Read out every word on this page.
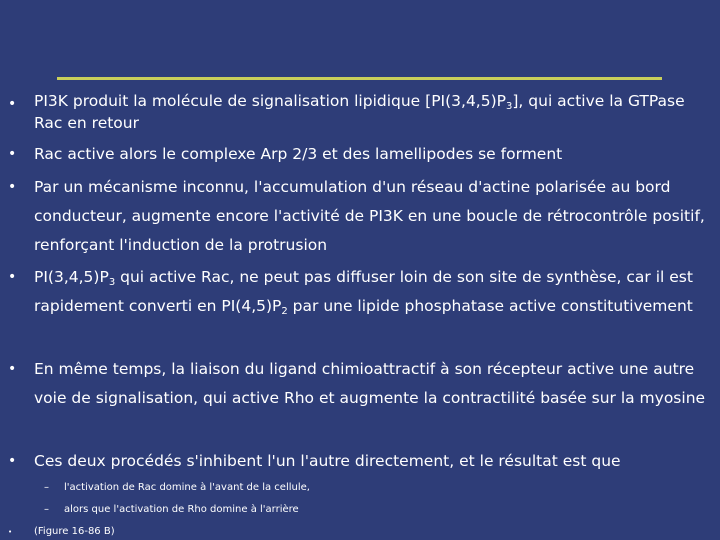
•	PI3K produit la molécule de signalisation lipidique $[PI(3,4,5)P_3]$, qui active la GTPase Rac en retour
•	Rac active alors le complexe Arp 2/3 et des lamellipodes se forment
•	Par un mécanisme inconnu, l'accumulation d'un réseau d'actine polarisée au bord conducteur, augmente encore l'activité de PI3K en une boucle de rétrocontrôle positif, renforçant l'induction de la protrusion
•	$PI(3,4,5)P_3$ qui active Rac, ne peut pas diffuser loin de son site de synthèse, car il est rapidement converti en $PI(4,5)P_2$ par une lipide phosphatase active constitutivement
•	En même temps, la liaison du ligand chimioattractif à son récepteur active une autre voie de signalisation, qui active Rho et augmente la contractilité basée sur la myosine
•	Ces deux procédés s'inhibent l'un l'autre directement, et le résultat est que
– l'activation de Rac domine à l'avant de la cellule,
– alors que l'activation de Rho domine à l'arrière
• (Figure 16-86 B)
